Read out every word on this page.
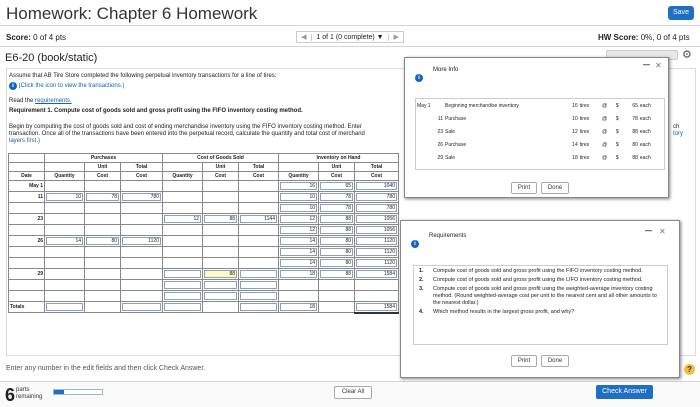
Homework: Chapter 6 Homework	Save
Score: 0 of 4 pts	◀	1 of 1 (0 complete) ▼	▶	HW Score: 0%, 0 of 4 pts
E6-20 (book/static)	⚙
Assume that AB Tire Store completed the following perpetual inventory transactions for a line of tires:
i (Click the icon to view the transactions.)
Read the requirements.
Requirement 1. Compute cost of goods sold and gross profit using the FIFO inventory costing method.
Begin by computing the cost of goods sold and cost of ending merchandise inventory using the FIFO inventory costing method. Enter
transaction. Once all of the transactions have been entered into the perpetual record, calculate the quantity and total cost of merchand
layers first.)
ch
tory
	Purchases			Cost of Goods Sold			Inventory on Hand		
		Unit	Total		Unit	Total		Unit	Total
Date	Quantity	Cost	Cost	Quantity	Cost	Cost	Quantity	Cost	Cost
May 1							16	65	1040

11	10	78	780				10	78	780

							10	78	780

23				12	88	1144	12	88	1056

							12	88	1056

26	14	80	1120				14	80	1120

							14	80	1120

							14	80	1120

29					88		18	88	1584

Totals							18		1584
Enter any number in the edit fields and then click Check Answer.	?
6 parts
remaining
Clear All	Check Answer
i
More Info
— ✕
May 1	Beginning merchandise inventory	16	tires	@	$	65	each
11	Purchase	10	tires	@	$	78	each
23	Sale	12	tires	@	$	88	each
26	Purchase	14	tires	@	$	80	each
29	Sale	18	tires	@	$	88	each
Print	Done
i
Requirements
— ✕
1.	Compute cost of goods sold and gross profit using the FIFO inventory costing method.
2.	Compute cost of goods sold and gross profit using the LIFO inventory costing method.
3.	Compute cost of goods sold and gross profit using the weighted-average inventory costing method. (Round weighted-average cost per unit to the nearest cent and all other amounts to the nearest dollar.)
4.	Which method results in the largest gross profit, and why?
Print	Done
